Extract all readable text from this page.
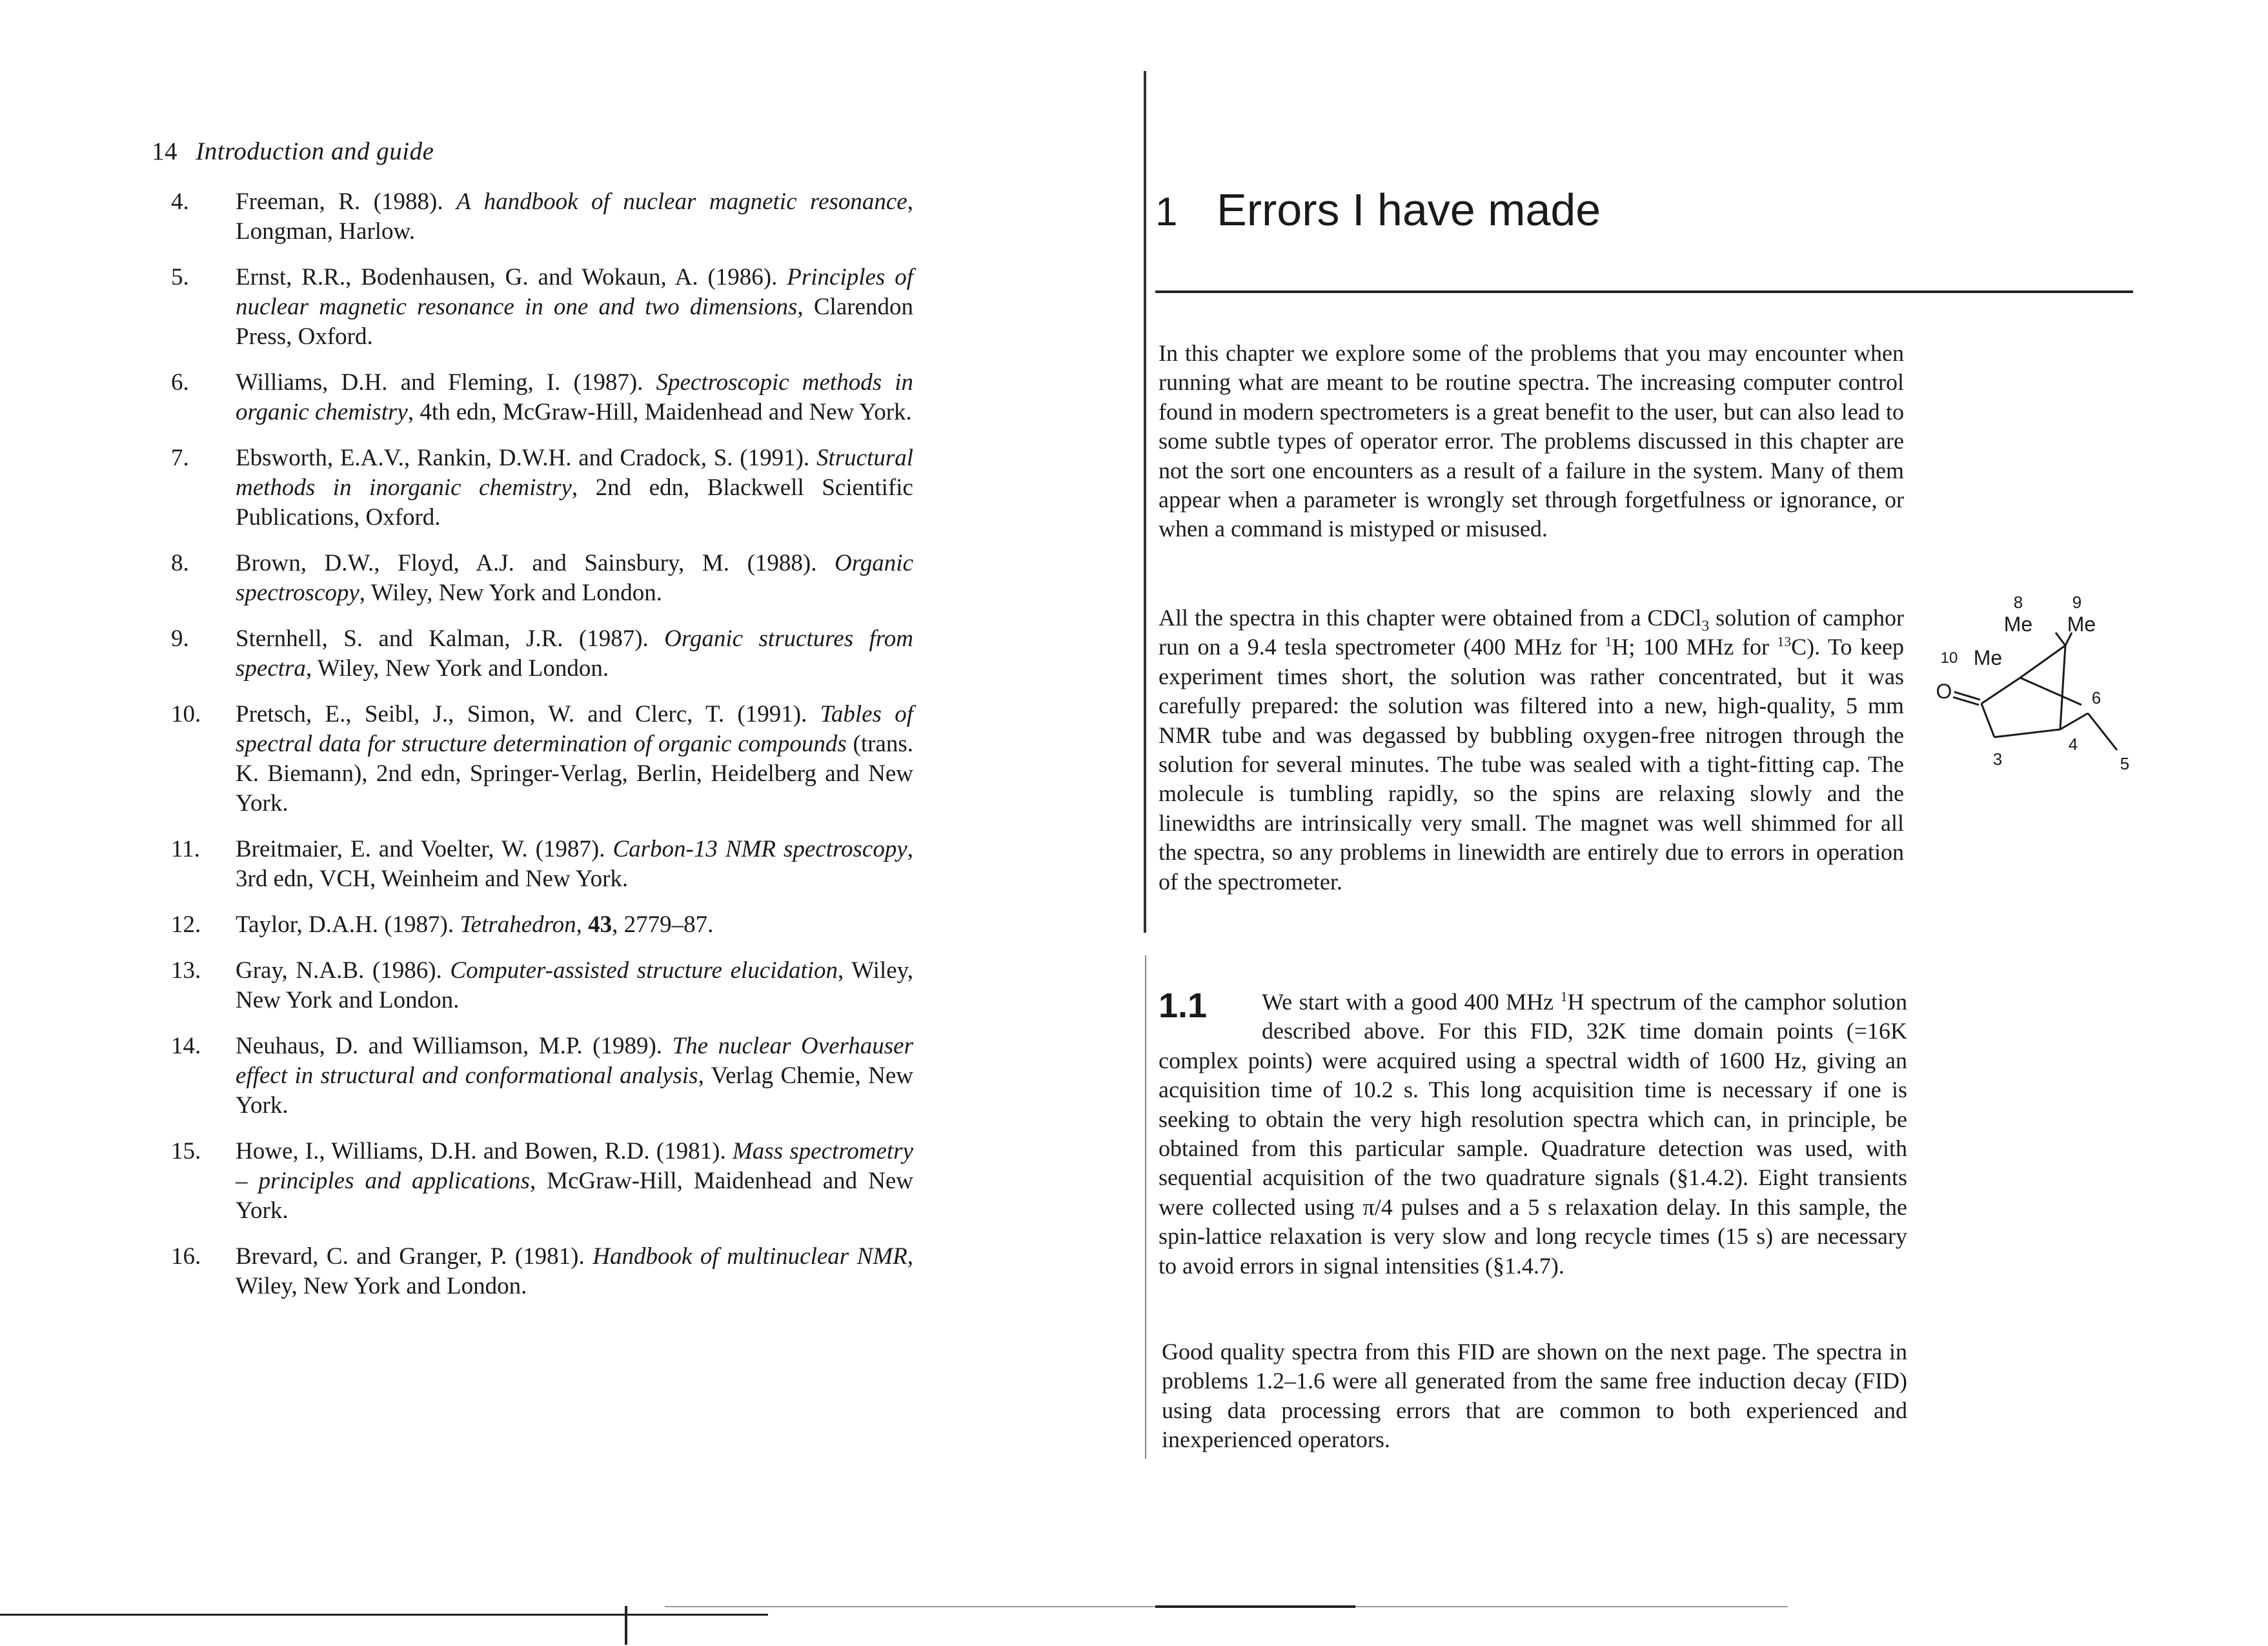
14 Introduction and guide
4.	Freeman, R. (1988). A handbook of nuclear magnetic resonance, Longman, Harlow.
5.	Ernst, R.R., Bodenhausen, G. and Wokaun, A. (1986). Principles of nuclear magnetic resonance in one and two dimensions, Clarendon Press, Oxford.
6.	Williams, D.H. and Fleming, I. (1987). Spectroscopic methods in organic chemistry, 4th edn, McGraw-Hill, Maidenhead and New York.
7.	Ebsworth, E.A.V., Rankin, D.W.H. and Cradock, S. (1991). Structural methods in inorganic chemistry, 2nd edn, Blackwell Scientific Publications, Oxford.
8.	Brown, D.W., Floyd, A.J. and Sainsbury, M. (1988). Organic spectroscopy, Wiley, New York and London.
9.	Sternhell, S. and Kalman, J.R. (1987). Organic structures from spectra, Wiley, New York and London.
10.	Pretsch, E., Seibl, J., Simon, W. and Clerc, T. (1991). Tables of spectral data for structure determination of organic compounds (trans. K. Biemann), 2nd edn, Springer-Verlag, Berlin, Heidelberg and New York.
11.	Breitmaier, E. and Voelter, W. (1987). Carbon-13 NMR spectroscopy, 3rd edn, VCH, Weinheim and New York.
12.	Taylor, D.A.H. (1987). Tetrahedron, 43, 2779–87.
13.	Gray, N.A.B. (1986). Computer-assisted structure elucidation, Wiley, New York and London.
14.	Neuhaus, D. and Williamson, M.P. (1989). The nuclear Overhauser effect in structural and conformational analysis, Verlag Chemie, New York.
15.	Howe, I., Williams, D.H. and Bowen, R.D. (1981). Mass spectrometry – principles and applications, McGraw-Hill, Maidenhead and New York.
16.	Brevard, C. and Granger, P. (1981). Handbook of multinuclear NMR, Wiley, New York and London.
1 Errors I have made

In this chapter we explore some of the problems that you may encounter when running what are meant to be routine spectra. The increasing computer control found in modern spectrometers is a great benefit to the user, but can also lead to some subtle types of operator error. The problems discussed in this chapter are not the sort one encounters as a result of a failure in the system. Many of them appear when a parameter is wrongly set through forgetfulness or ignorance, or when a command is mistyped or misused.

All the spectra in this chapter were obtained from a CDCl$_3$ solution of camphor run on a 9.4 tesla spectrometer (400 MHz for $^1$H; 100 MHz for $^{13}$C). To keep experiment times short, the solution was rather concentrated, but it was carefully prepared: the solution was filtered into a new, high-quality, 5 mm NMR tube and was degassed by bubbling oxygen-free nitrogen through the solution for several minutes. The tube was sealed with a tight-fitting cap. The molecule is tumbling rapidly, so the spins are relaxing slowly and the linewidths are intrinsically very small. The magnet was well shimmed for all the spectra, so any problems in linewidth are entirely due to errors in operation of the spectrometer.

8	9
Me Me
10 Me
O	6
4
3	5
1.1	We start with a good 400 MHz $^1$H spectrum of the camphor solution described above. For this FID, 32K time domain points (=16K complex points) were acquired using a spectral width of 1600 Hz, giving an acquisition time of 10.2 s. This long acquisition time is necessary if one is seeking to obtain the very high resolution spectra which can, in principle, be obtained from this particular sample. Quadrature detection was used, with sequential acquisition of the two quadrature signals (§1.4.2). Eight transients were collected using π/4 pulses and a 5 s relaxation delay. In this sample, the spin-lattice relaxation is very slow and long recycle times (15 s) are necessary to avoid errors in signal intensities (§1.4.7).

Good quality spectra from this FID are shown on the next page. The spectra in problems 1.2–1.6 were all generated from the same free induction decay (FID) using data processing errors that are common to both experienced and inexperienced operators.
